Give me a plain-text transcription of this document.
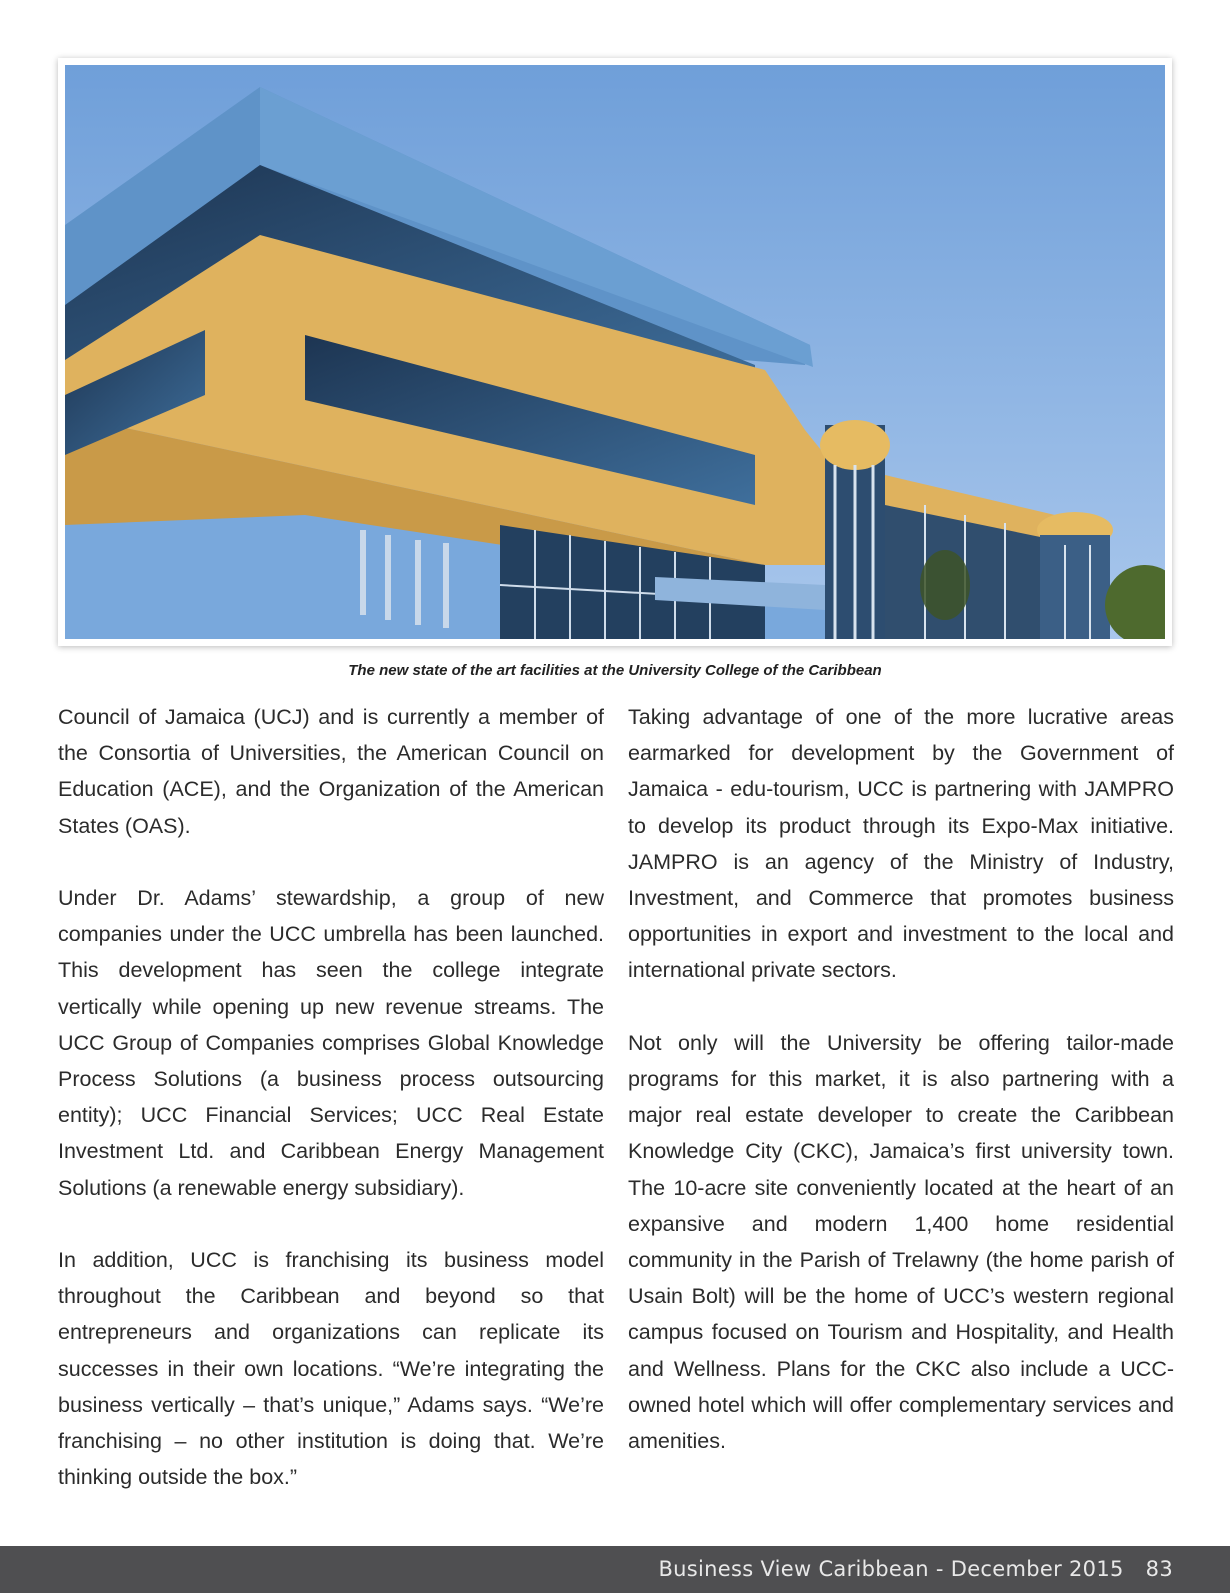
The new state of the art facilities at the University College of the Caribbean

Council of Jamaica (UCJ) and is currently a member of the Consortia of Universities, the American Council on Education (ACE), and the Organization of the American States (OAS).

Under Dr. Adams’ stewardship, a group of new companies under the UCC umbrella has been launched. This development has seen the college integrate vertically while opening up new revenue streams. The UCC Group of Companies comprises Global Knowledge Process Solutions (a business process outsourcing entity); UCC Financial Services; UCC Real Estate Investment Ltd. and Caribbean Energy Management Solutions (a renewable energy subsidiary).

In addition, UCC is franchising its business model throughout the Caribbean and beyond so that entrepreneurs and organizations can replicate its successes in their own locations. “We’re integrating the business vertically – that’s unique,” Adams says. “We’re franchising – no other institution is doing that. We’re thinking outside the box.”

Taking advantage of one of the more lucrative areas earmarked for development by the Government of Jamaica - edu-tourism, UCC is partnering with JAMPRO to develop its product through its Expo-Max initiative. JAMPRO is an agency of the Ministry of Industry, Investment, and Commerce that promotes business opportunities in export and investment to the local and international private sectors.

Not only will the University be offering tailor-made programs for this market, it is also partnering with a major real estate developer to create the Caribbean Knowledge City (CKC), Jamaica’s first university town. The 10-acre site conveniently located at the heart of an expansive and modern 1,400 home residential community in the Parish of Trelawny (the home parish of Usain Bolt) will be the home of UCC’s western regional campus focused on Tourism and Hospitality, and Health and Wellness. Plans for the CKC also include a UCC-owned hotel which will offer complementary services and amenities.

Business View Caribbean - December 2015 83
